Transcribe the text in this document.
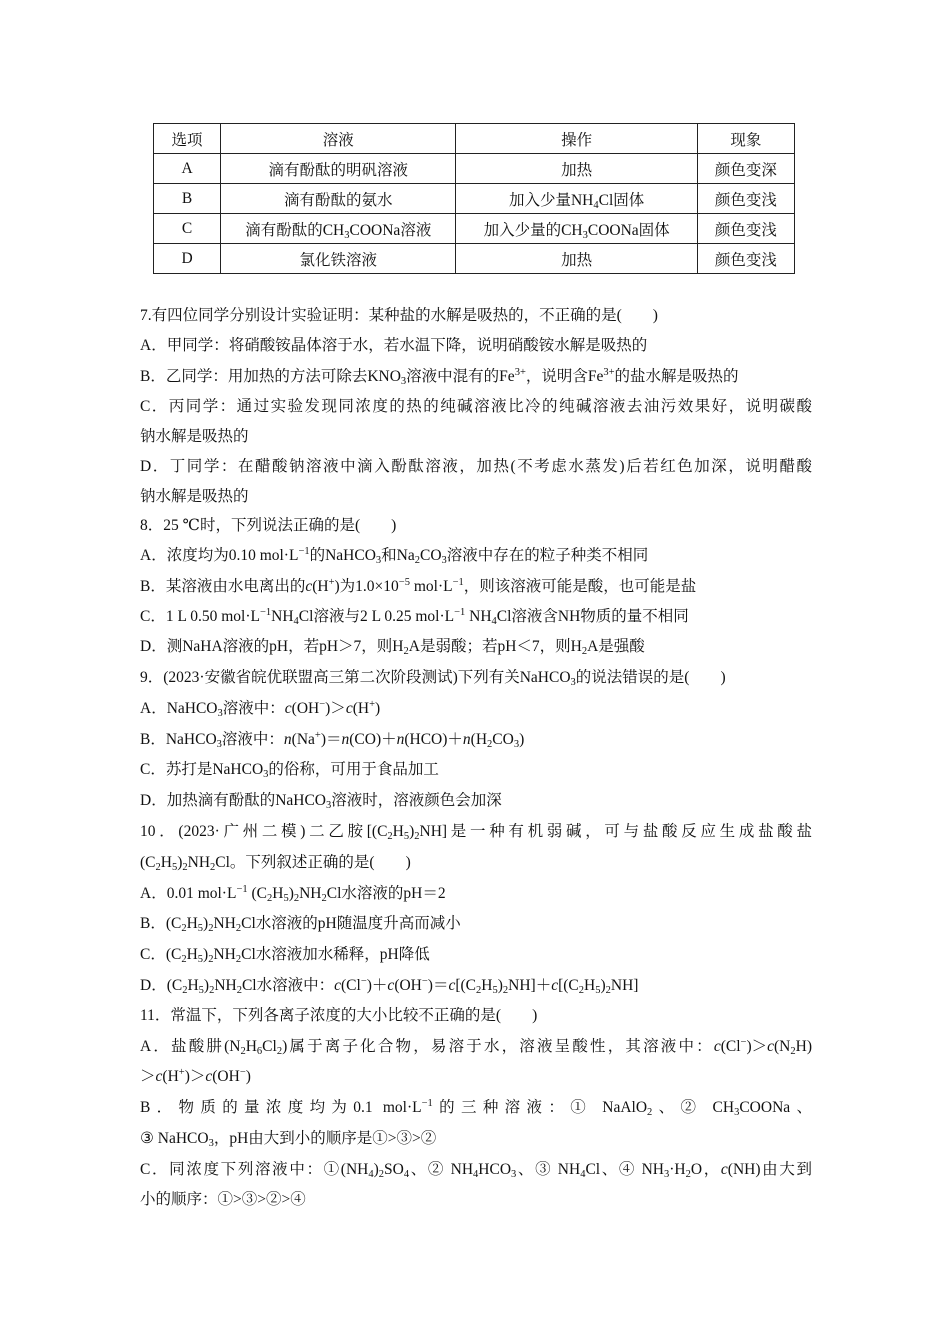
选项	溶液	操作	现象
A	滴有酚酞的明矾溶液	加热	颜色变深
B	滴有酚酞的氨水	加入少量$NH_4Cl$固体	颜色变浅
C	滴有酚酞的$CH_3COONa$溶液	加入少量的$CH_3COONa$固体	颜色变浅
D	氯化铁溶液	加热	颜色变浅
7.有四位同学分别设计实验证明：某种盐的水解是吸热的，不正确的是(　　)
A．甲同学：将硝酸铵晶体溶于水，若水温下降，说明硝酸铵水解是吸热的
B．乙同学：用加热的方法可除去$KNO_3$溶液中混有的$Fe^{3+}$，说明含$Fe^{3+}$的盐水解是吸热的
C．丙同学：通过实验发现同浓度的热的纯碱溶液比冷的纯碱溶液去油污效果好，说明碳酸
钠水解是吸热的
D．丁同学：在醋酸钠溶液中滴入酚酞溶液，加热(不考虑水蒸发)后若红色加深，说明醋酸
钠水解是吸热的
8．25 ℃时，下列说法正确的是(　　)
A．浓度均为0.10 $mol\cdot L^{-1}$的NaHCO$_3$和$Na_2CO_3$溶液中存在的粒子种类不相同
B．某溶液由水电离出的c(H+)为$1.0\times 10^{-5}$ $mol\cdot L^{-1}$，则该溶液可能是酸，也可能是盐
C．1 L 0.50 $mol\cdot L^{-1}NH_4Cl$溶液与2 L 0.25 $mol\cdot L^{-1}$ $NH_4Cl$溶液含NH物质的量不相同
D．测NaHA溶液的pH，若pH＞7，则$H_2A$是弱酸；若pH＜7，则$H_2A$是强酸
9．(2023·安徽省皖优联盟高三第二次阶段测试)下列有关NaHCO$_3$的说法错误的是(　　)
A．NaHCO$_3$溶液中：c(OH−)＞c(H+)
B．NaHCO$_3$溶液中：$n(Na^+)=n(CO)+n(HCO)+n(H_2CO_3)$
C．苏打是NaHCO$_3$的俗称，可用于食品加工
D．加热滴有酚酞的NaHCO$_3$溶液时，溶液颜色会加深
10．(2023·广州二模)二乙胺$[(C_2H_5)_2NH]$是一种有机弱碱，可与盐酸反应生成盐酸盐
$(C_2H_5)_2NH_2Cl$。下列叙述正确的是(　　)
A．0.01 $mol\cdot L^{-1}$ $(C_2H_5)_2NH_2Cl$水溶液的pH＝2
B．$(C_2H_5)_2NH_2Cl$水溶液的pH随温度升高而减小
C．$(C_2H_5)_2NH_2Cl$水溶液加水稀释，pH降低
D．$(C_2H_5)_2NH_2Cl$水溶液中：$c(Cl^-)+c(OH^-)=c[(C_2H_5)_2NH]+c[(C_2H_5)_2NH]$
11．常温下，下列各离子浓度的大小比较不正确的是(　　)
A．盐酸肼$(N_2H_6Cl_2)$属于离子化合物，易溶于水，溶液呈酸性，其溶液中：$c(Cl^-)>c(N_2H)$
＞c(H+)＞c(OH−)
B．物质的量浓度均为0.1 $mol\cdot L^{-1}$的三种溶液：① NaAlO$_2$、② $CH_3COONa$、
③ NaHCO$_3$，pH由大到小的顺序是①>③>②
C．同浓度下列溶液中：$①(NH_4)_2SO_4$、② $NH_4HCO_3$、③ $NH_4Cl$、④ $NH_3\cdot H_2O$，c(NH)由大到
小的顺序：①>③>②>④
